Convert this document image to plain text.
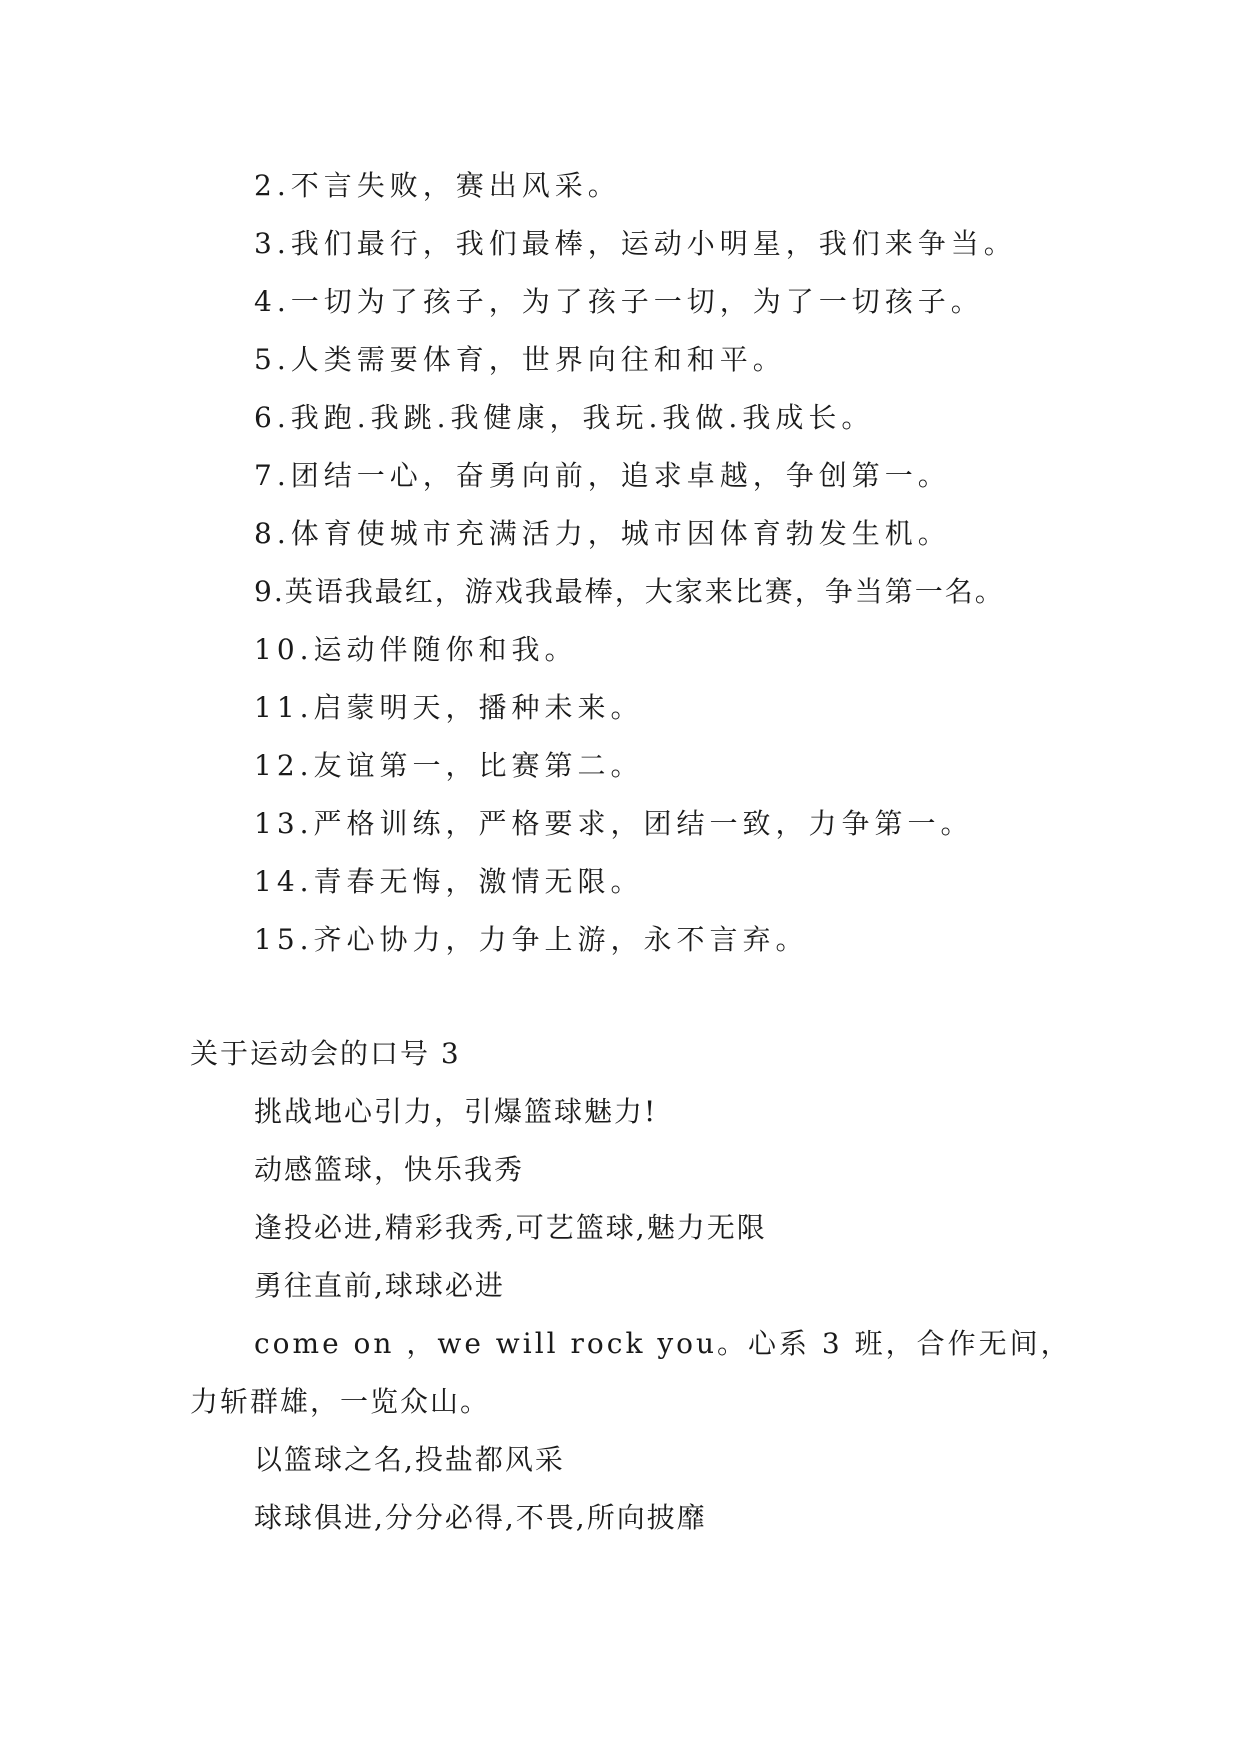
2.不言失败，赛出风采。
3.我们最行，我们最棒，运动小明星，我们来争当。
4.一切为了孩子，为了孩子一切，为了一切孩子。
5.人类需要体育，世界向往和和平。
6.我跑.我跳.我健康，我玩.我做.我成长。
7.团结一心，奋勇向前，追求卓越，争创第一。
8.体育使城市充满活力，城市因体育勃发生机。
9.英语我最红，游戏我最棒，大家来比赛，争当第一名。
10.运动伴随你和我。
11.启蒙明天，播种未来。
12.友谊第一，比赛第二。
13.严格训练，严格要求，团结一致，力争第一。
14.青春无悔，激情无限。
15.齐心协力，力争上游，永不言弃。
关于运动会的口号 3
挑战地心引力，引爆篮球魅力!
动感篮球，快乐我秀
逢投必进,精彩我秀,可艺篮球,魅力无限
勇往直前,球球必进
come on ，we will rock you。心系 3 班，合作无间，
力斩群雄，一览众山。
以篮球之名,投盐都风采
球球俱进,分分必得,不畏,所向披靡
